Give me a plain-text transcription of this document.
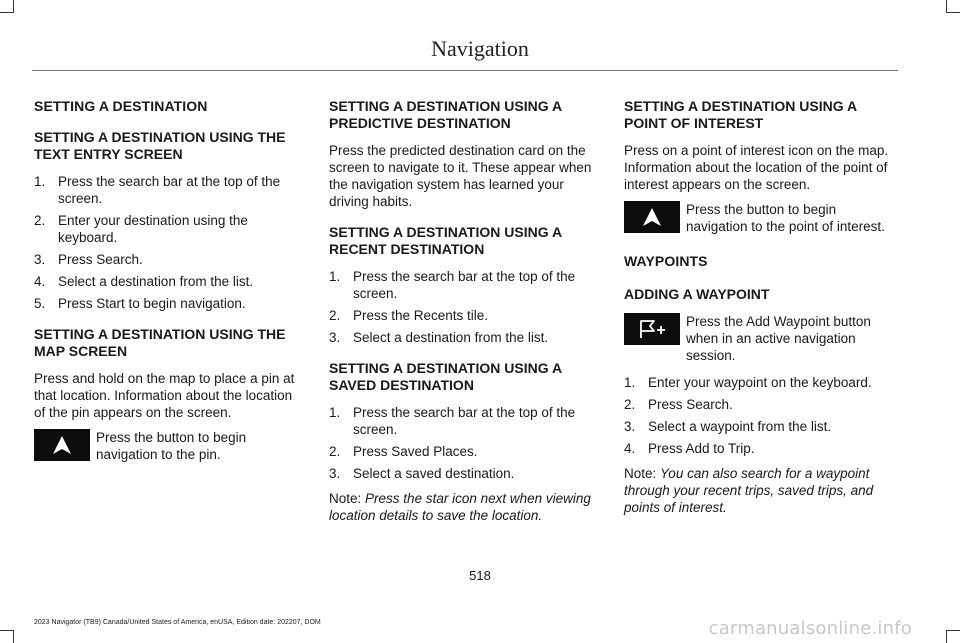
Navigation
SETTING A DESTINATION
SETTING A DESTINATION USING THE TEXT ENTRY SCREEN
1. Press the search bar at the top of the screen.
2. Enter your destination using the keyboard.
3. Press Search.
4. Select a destination from the list.
5. Press Start to begin navigation.
SETTING A DESTINATION USING THE MAP SCREEN

Press and hold on the map to place a pin at that location. Information about the location of the pin appears on the screen.

Press the button to begin navigation to the pin.
SETTING A DESTINATION USING A PREDICTIVE DESTINATION

Press the predicted destination card on the screen to navigate to it. These appear when the navigation system has learned your driving habits.

SETTING A DESTINATION USING A RECENT DESTINATION
1. Press the search bar at the top of the screen.
2. Press the Recents tile.
3. Select a destination from the list.
SETTING A DESTINATION USING A SAVED DESTINATION
1. Press the search bar at the top of the screen.
2. Press Saved Places.
3. Select a saved destination.

Note: Press the star icon next when viewing location details to save the location.

SETTING A DESTINATION USING A POINT OF INTEREST

Press on a point of interest icon on the map. Information about the location of the point of interest appears on the screen.

Press the button to begin navigation to the point of interest.
WAYPOINTS
ADDING A WAYPOINT
Press the Add Waypoint button when in an active navigation session.
1. Enter your waypoint on the keyboard.
2. Press Search.
3. Select a waypoint from the list.
4. Press Add to Trip.

Note: You can also search for a waypoint through your recent trips, saved trips, and points of interest.

518
2023 Navigator (TB9) Canada/United States of America, enUSA, Edition date: 202207, DOM	carmanualsonline.info
